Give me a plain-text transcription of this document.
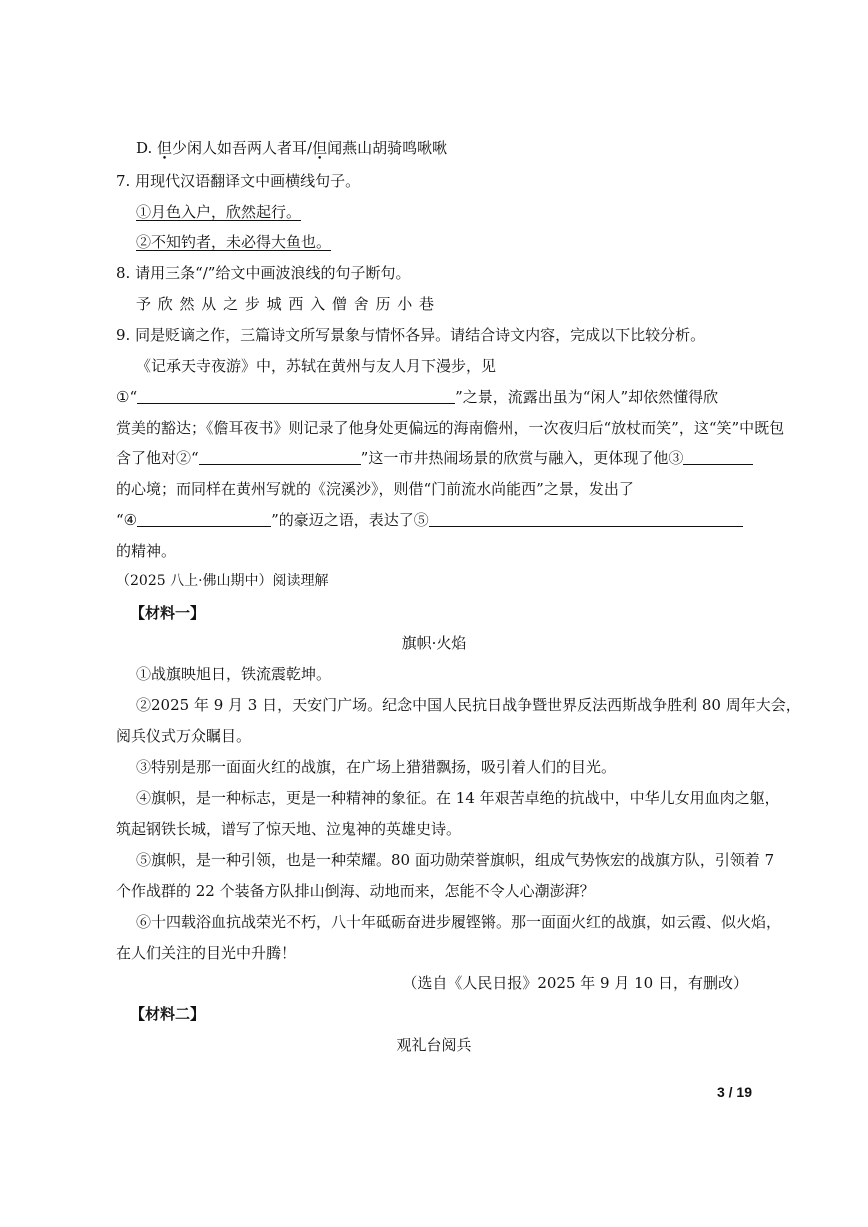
D. 但少闲人如吾两人者耳/但闻燕山胡骑鸣啾啾
7. 用现代汉语翻译文中画横线句子。
①月色入户，欣然起行。
②不知钓者，未必得大鱼也。
8. 请用三条“/”给文中画波浪线的句子断句。
予 欣 然 从 之 步 城 西 入 僧 舍 历 小 巷
9. 同是贬谪之作，三篇诗文所写景象与情怀各异。请结合诗文内容，完成以下比较分析。
《记承天寺夜游》中，苏轼在黄州与友人月下漫步，见
①“	”之景，流露出虽为“闲人”却依然懂得欣
赏美的豁达；《儋耳夜书》则记录了他身处更偏远的海南儋州，一次夜归后“放杖而笑”，这“笑”中既包
含了他对②“	”这一市井热闹场景的欣赏与融入，更体现了他③
的心境；而同样在黄州写就的《浣溪沙》，则借“门前流水尚能西”之景，发出了
“④	”的豪迈之语，表达了⑤
的精神。
（2025 八上·佛山期中）阅读理解
【材料一】
旗帜·火焰
①战旗映旭日，铁流震乾坤。
②2025 年 9 月 3 日，天安门广场。纪念中国人民抗日战争暨世界反法西斯战争胜利 80 周年大会，
阅兵仪式万众瞩目。
③特别是那一面面火红的战旗，在广场上猎猎飘扬，吸引着人们的目光。
④旗帜，是一种标志，更是一种精神的象征。在 14 年艰苦卓绝的抗战中，中华儿女用血肉之躯，
筑起钢铁长城，谱写了惊天地、泣鬼神的英雄史诗。
⑤旗帜，是一种引领，也是一种荣耀。80 面功勋荣誉旗帜，组成气势恢宏的战旗方队，引领着 7
个作战群的 22 个装备方队排山倒海、动地而来，怎能不令人心潮澎湃？
⑥十四载浴血抗战荣光不朽，八十年砥砺奋进步履铿锵。那一面面火红的战旗，如云霞、似火焰，
在人们关注的目光中升腾！
（选自《人民日报》2025 年 9 月 10 日，有删改）
【材料二】
观礼台阅兵
3 / 19
